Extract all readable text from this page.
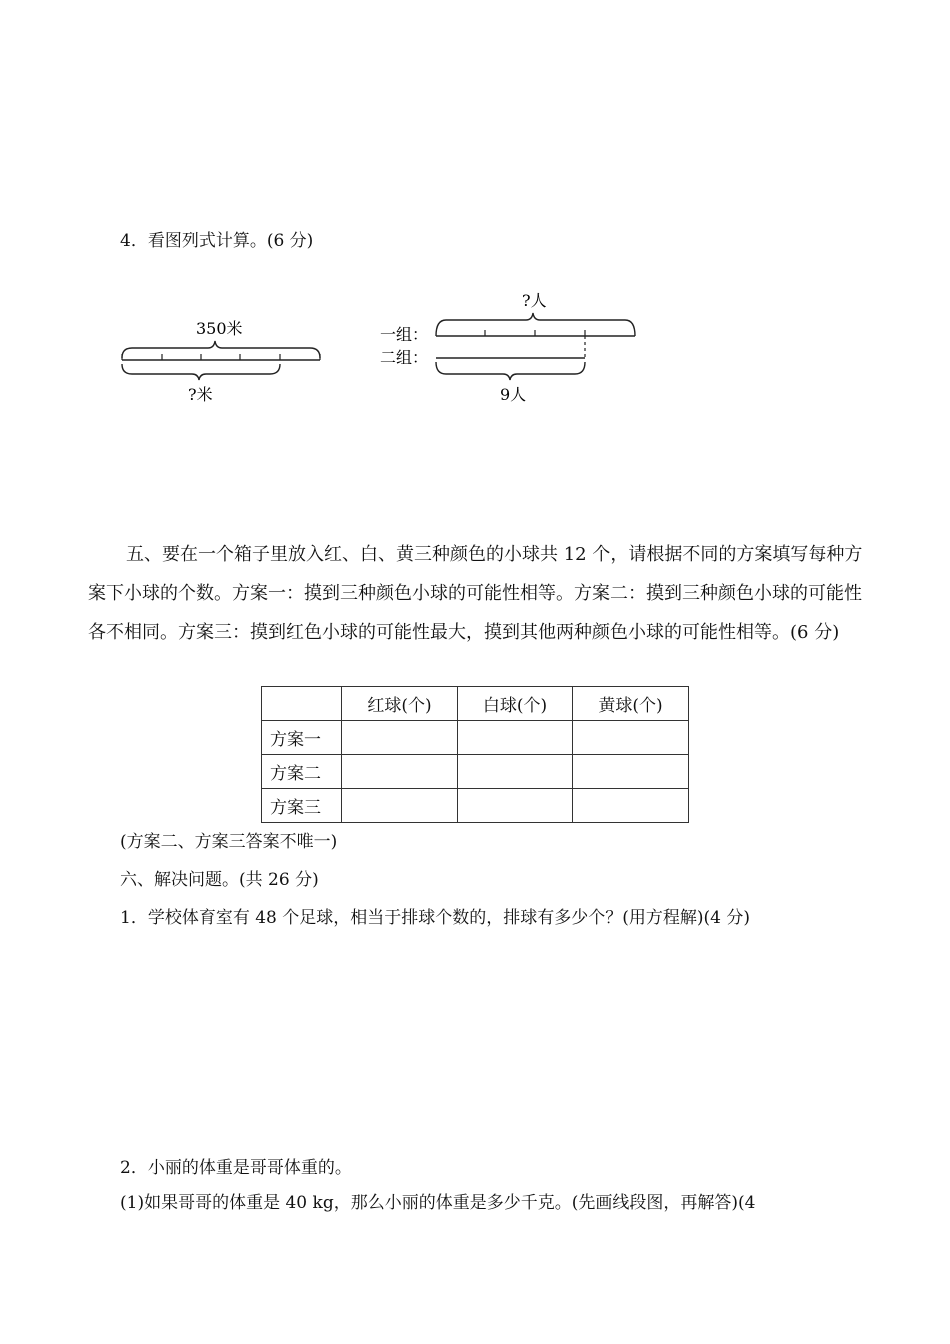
4．看图列式计算。(6 分)
350米
?米
?人
一组：
二组：
9人
五、要在一个箱子里放入红、白、黄三种颜色的小球共 12 个，请根据不同的方案填写每种方案下小球的个数。方案一：摸到三种颜色小球的可能性相等。方案二：摸到三种颜色小球的可能性各不相同。方案三：摸到红色小球的可能性最大，摸到其他两种颜色小球的可能性相等。(6 分)
	红球(个)	白球(个)	黄球(个)
方案一			
方案二			
方案三			
(方案二、方案三答案不唯一)
六、解决问题。(共 26 分)
1．学校体育室有 48 个足球，相当于排球个数的，排球有多少个？(用方程解)(4 分)
2．小丽的体重是哥哥体重的。
(1)如果哥哥的体重是 40 kg，那么小丽的体重是多少千克。(先画线段图，再解答)(4
